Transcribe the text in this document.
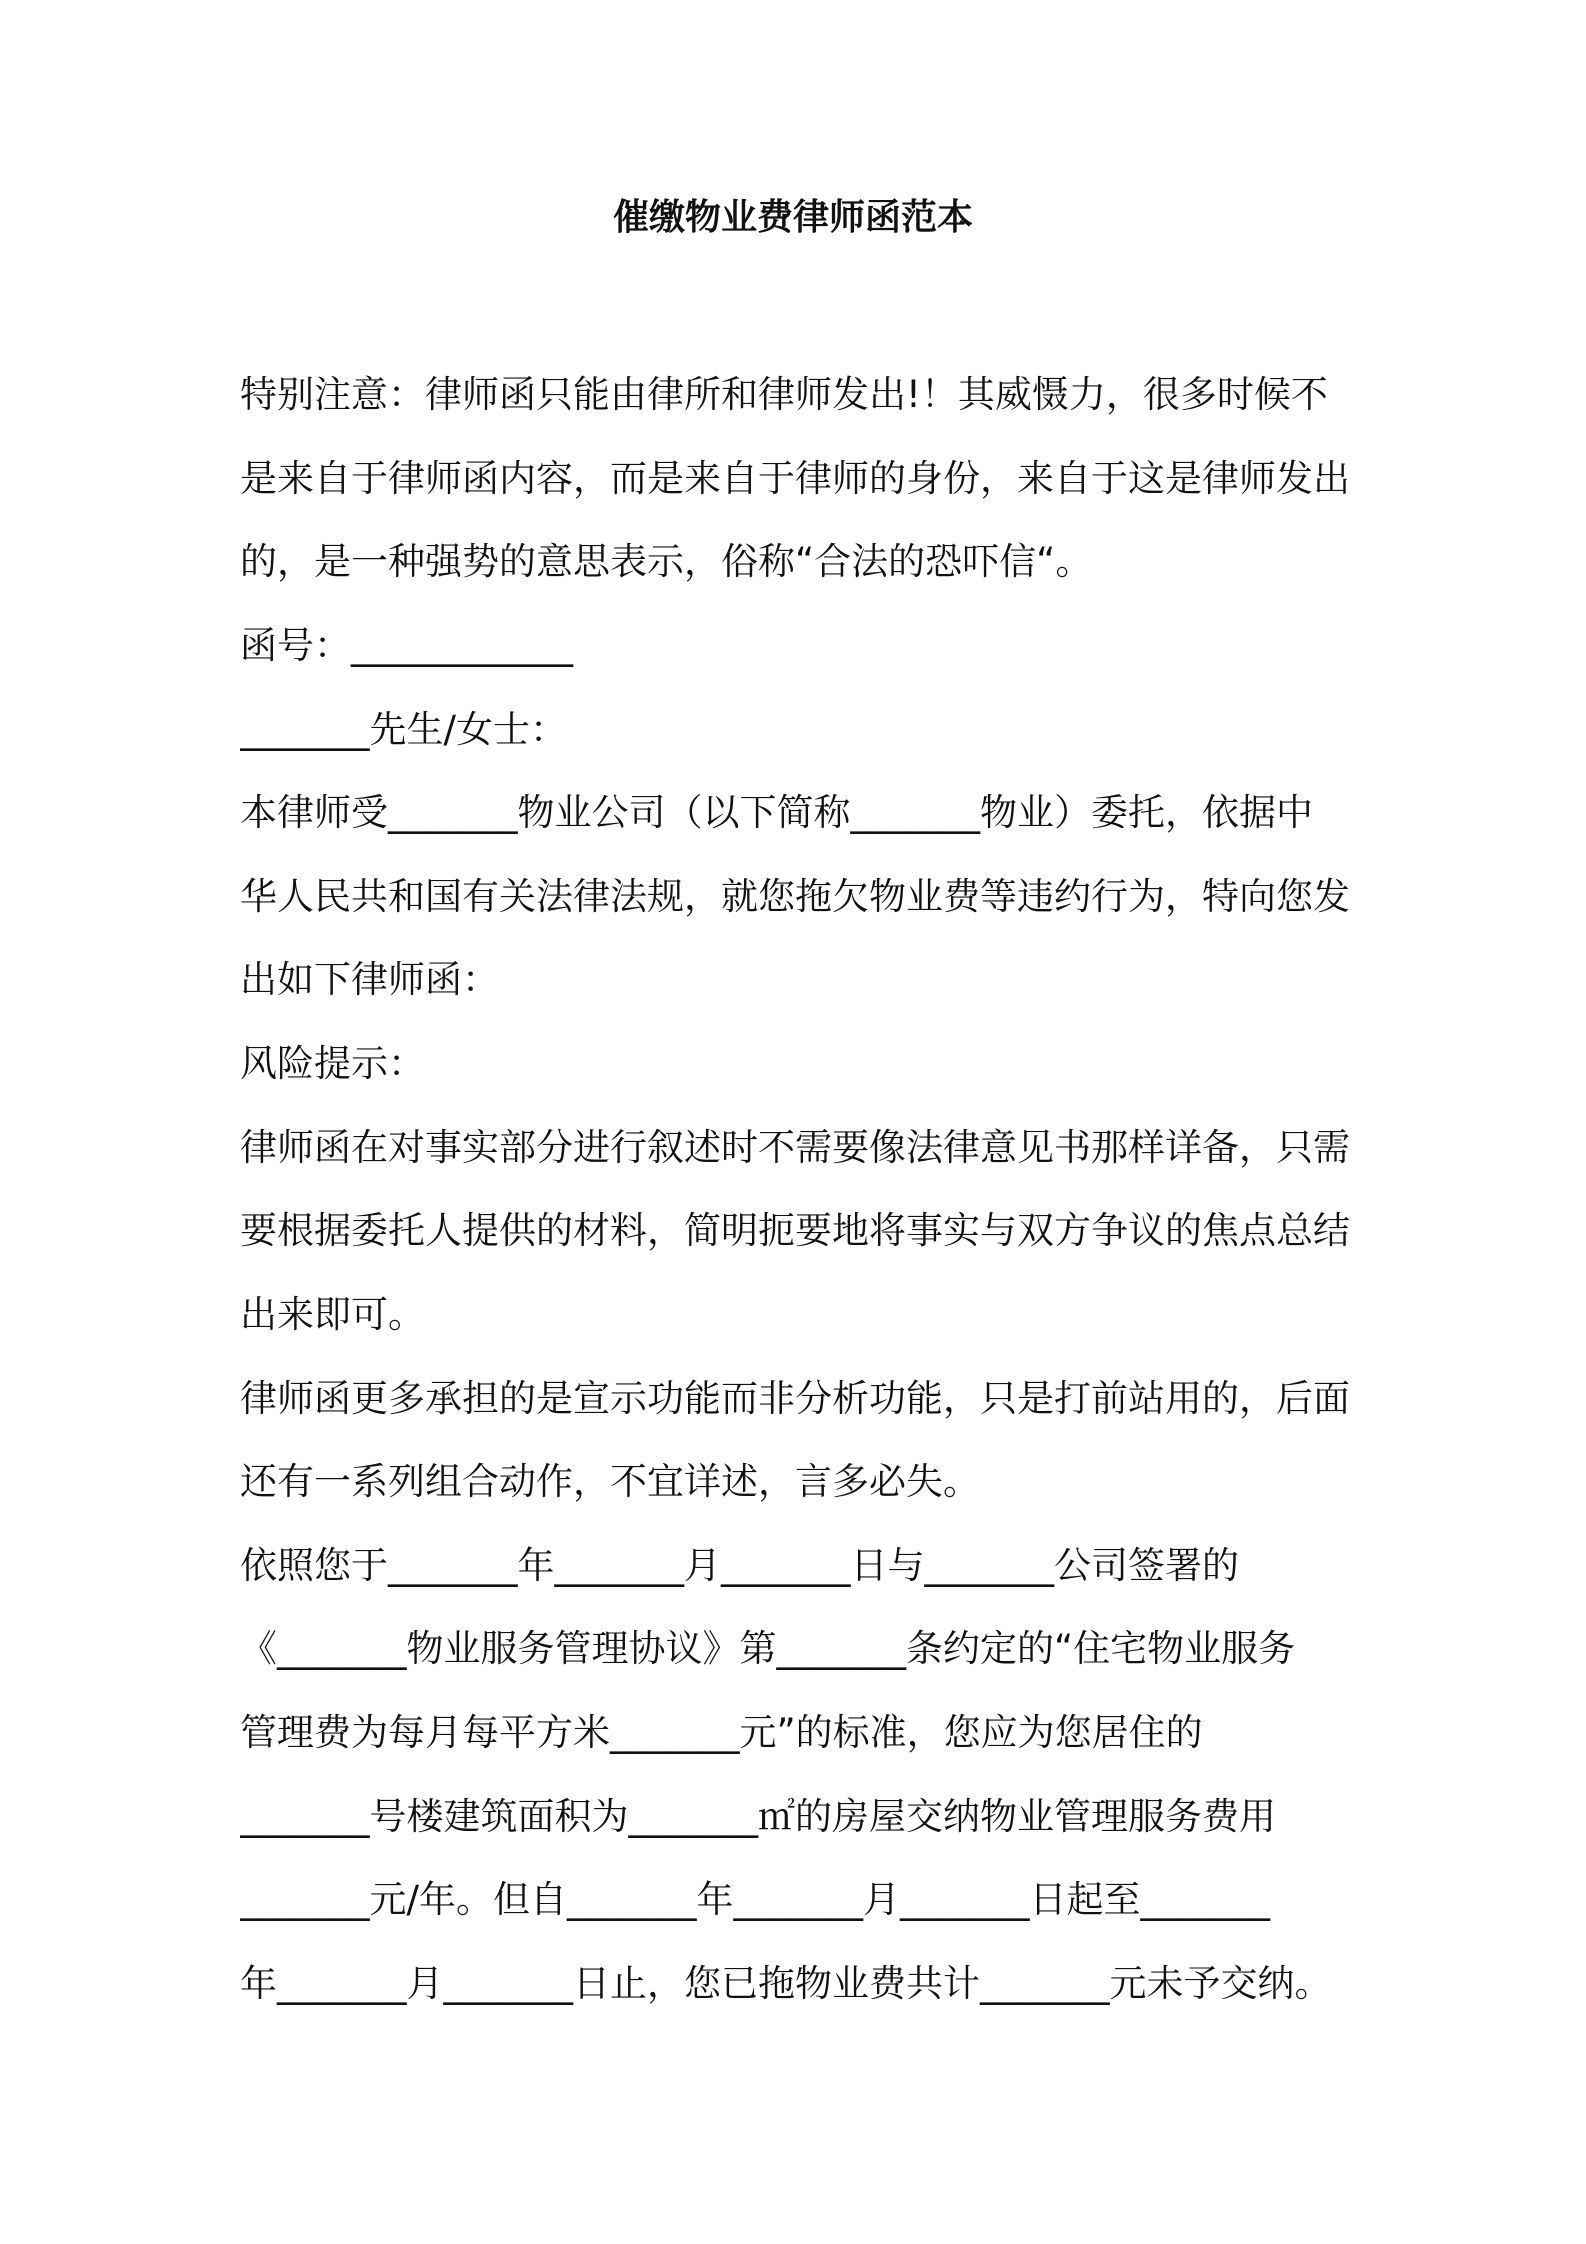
催缴物业费律师函范本
特别注意：律师函只能由律所和律师发出!！其威慑力，很多时候不
是来自于律师函内容，而是来自于律师的身份，来自于这是律师发出
的，是一种强势的意思表示，俗称“合法的恐吓信“。
函号：____________
_______先生/女士：
本律师受_______物业公司（以下简称_______物业）委托，依据中
华人民共和国有关法律法规，就您拖欠物业费等违约行为，特向您发
出如下律师函：
风险提示：
律师函在对事实部分进行叙述时不需要像法律意见书那样详备，只需
要根据委托人提供的材料，简明扼要地将事实与双方争议的焦点总结
出来即可。
律师函更多承担的是宣示功能而非分析功能，只是打前站用的，后面
还有一系列组合动作，不宜详述，言多必失。
依照您于_______年_______月_______日与_______公司签署的
《_______物业服务管理协议》第_______条约定的“住宅物业服务
管理费为每月每平方米_______元”的标准，您应为您居住的
_______号楼建筑面积为_______㎡的房屋交纳物业管理服务费用
_______元/年。但自_______年_______月_______日起至_______
年_______月_______日止，您已拖物业费共计_______元未予交纳。
